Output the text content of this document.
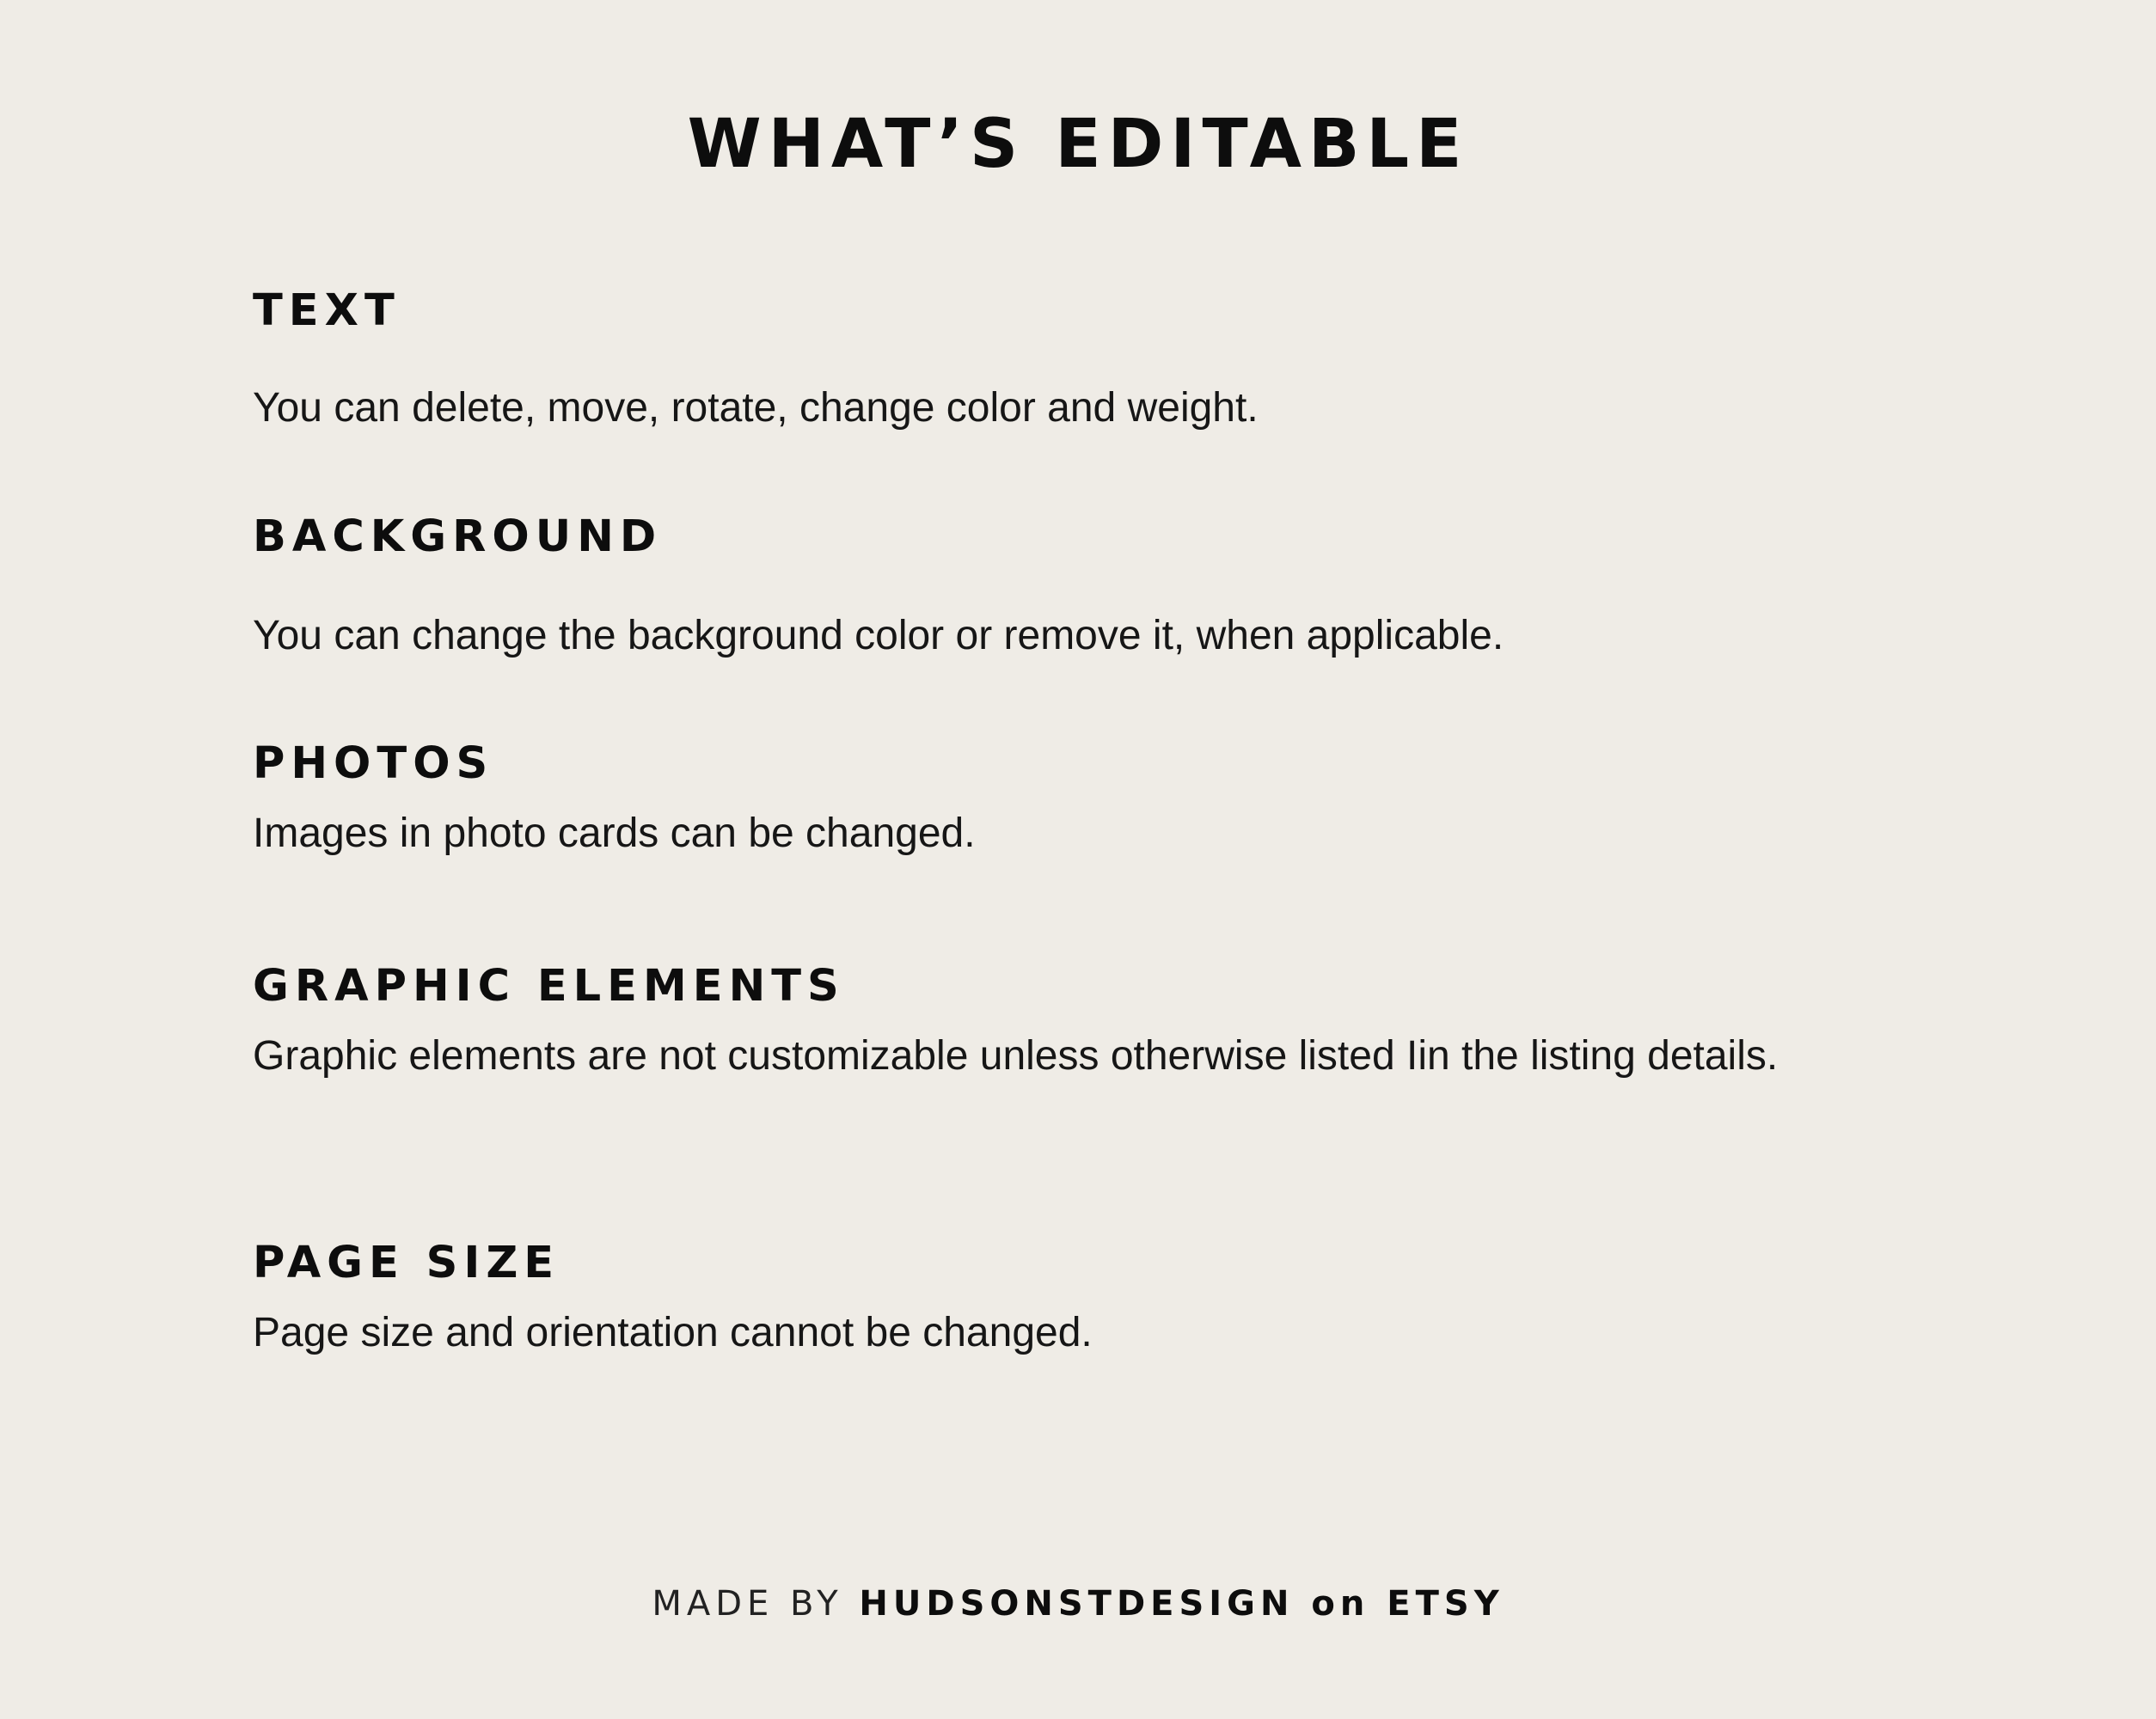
WHAT’S EDITABLE
TEXT

You can delete, move, rotate, change color and weight.

BACKGROUND

You can change the background color or remove it, when applicable.

PHOTOS

Images in photo cards can be changed.

GRAPHIC ELEMENTS

Graphic elements are not customizable unless otherwise listed Iin the listing details.

PAGE SIZE

Page size and orientation cannot be changed.

MADE BY HUDSONSTDESIGN on ETSY
